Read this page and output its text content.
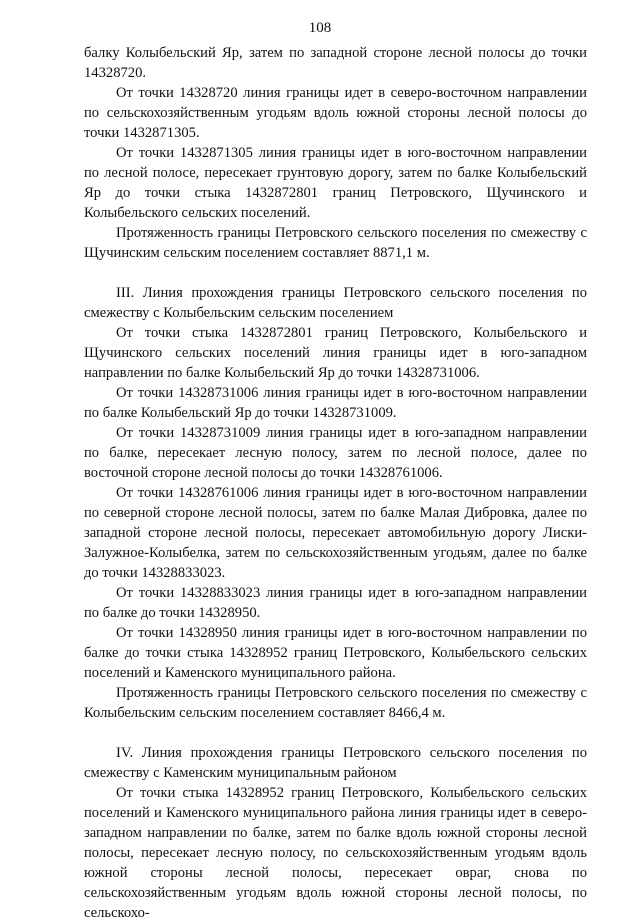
108

балку Колыбельский Яр, затем по западной стороне лесной полосы до точки 14328720.

От точки 14328720 линия границы идет в северо-восточном направлении по сельскохозяйственным угодьям вдоль южной стороны лесной полосы до точки 1432871305.

От точки 1432871305 линия границы идет в юго-восточном направлении по лесной полосе, пересекает грунтовую дорогу, затем по балке Колыбельский Яр до точки стыка 1432872801 границ Петровского, Щучинского и Колыбельского сельских поселений.

Протяженность границы Петровского сельского поселения по смежеству с Щучинским сельским поселением составляет 8871,1 м.

III. Линия прохождения границы Петровского сельского поселения по смежеству с Колыбельским сельским поселением

От точки стыка 1432872801 границ Петровского, Колыбельского и Щучинского сельских поселений линия границы идет в юго-западном направлении по балке Колыбельский Яр до точки 14328731006.

От точки 14328731006 линия границы идет в юго-восточном направлении по балке Колыбельский Яр до точки 14328731009.

От точки 14328731009 линия границы идет в юго-западном направлении по балке, пересекает лесную полосу, затем по лесной полосе, далее по восточной стороне лесной полосы до точки 14328761006.

От точки 14328761006 линия границы идет в юго-восточном направлении по северной стороне лесной полосы, затем по балке Малая Дибровка, далее по западной стороне лесной полосы, пересекает автомобильную дорогу Лиски-Залужное-Колыбелка, затем по сельскохозяйственным угодьям, далее по балке до точки 14328833023.

От точки 14328833023 линия границы идет в юго-западном направлении по балке до точки 14328950.

От точки 14328950 линия границы идет в юго-восточном направлении по балке до точки стыка 14328952 границ Петровского, Колыбельского сельских поселений и Каменского муниципального района.

Протяженность границы Петровского сельского поселения по смежеству с Колыбельским сельским поселением составляет 8466,4 м.

IV. Линия прохождения границы Петровского сельского поселения по смежеству с Каменским муниципальным районом

От точки стыка 14328952 границ Петровского, Колыбельского сельских поселений и Каменского муниципального района линия границы идет в северо-западном направлении по балке, затем по балке вдоль южной стороны лесной полосы, пересекает лесную полосу, по сельскохозяйственным угодьям вдоль южной стороны лесной полосы, пересекает овраг, снова по сельскохозяйственным угодьям вдоль южной стороны лесной полосы, по сельскохо-
